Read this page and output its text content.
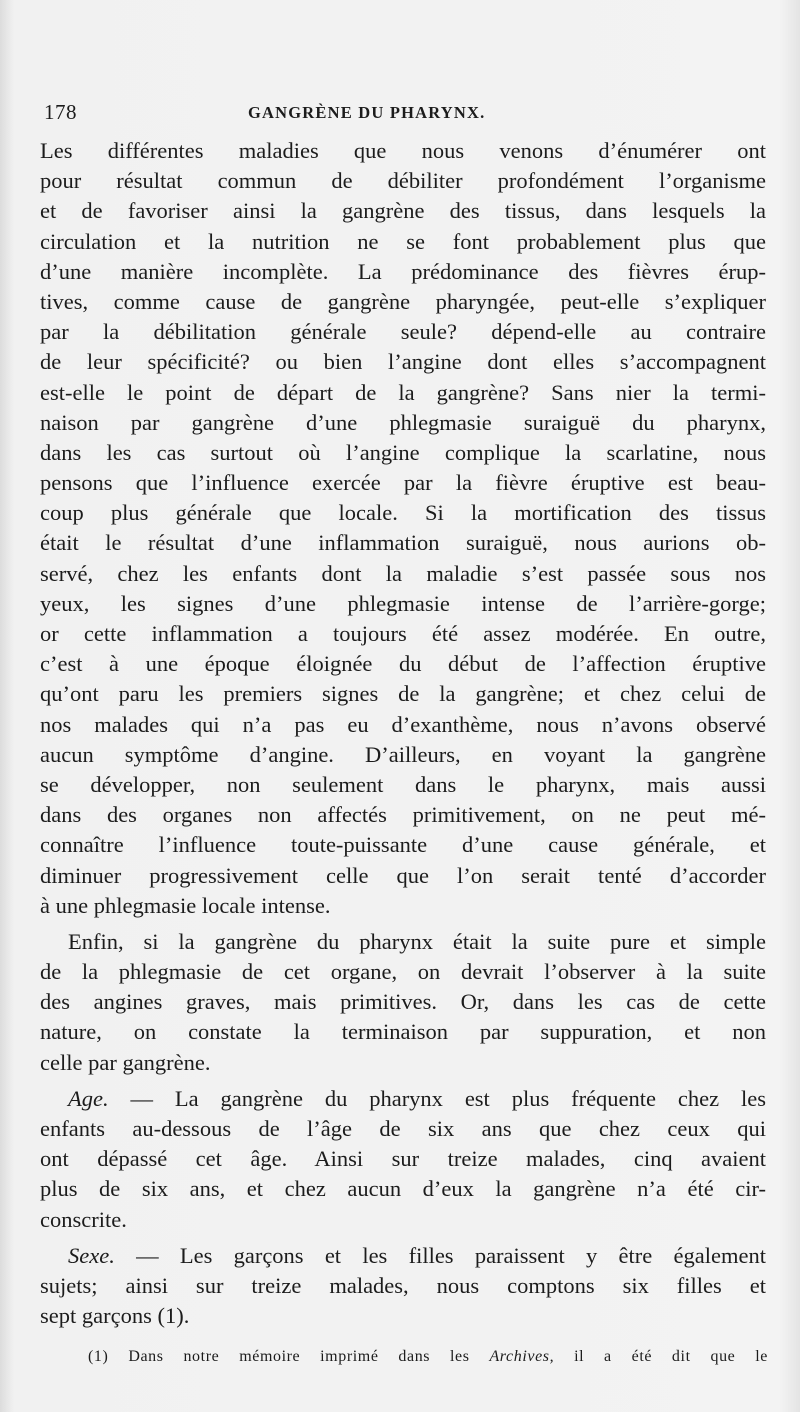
178	GANGRÈNE DU PHARYNX.
Les différentes maladies que nous venons d’énumérer ont
pour résultat commun de débiliter profondément l’organisme
et de favoriser ainsi la gangrène des tissus, dans lesquels la
circulation et la nutrition ne se font probablement plus que
d’une manière incomplète. La prédominance des fièvres érup-
tives, comme cause de gangrène pharyngée, peut-elle s’expliquer
par la débilitation générale seule? dépend-elle au contraire
de leur spécificité? ou bien l’angine dont elles s’accompagnent
est-elle le point de départ de la gangrène? Sans nier la termi-
naison par gangrène d’une phlegmasie suraiguë du pharynx,
dans les cas surtout où l’angine complique la scarlatine, nous
pensons que l’influence exercée par la fièvre éruptive est beau-
coup plus générale que locale. Si la mortification des tissus
était le résultat d’une inflammation suraiguë, nous aurions ob-
servé, chez les enfants dont la maladie s’est passée sous nos
yeux, les signes d’une phlegmasie intense de l’arrière-gorge;
or cette inflammation a toujours été assez modérée. En outre,
c’est à une époque éloignée du début de l’affection éruptive
qu’ont paru les premiers signes de la gangrène; et chez celui de
nos malades qui n’a pas eu d’exanthème, nous n’avons observé
aucun symptôme d’angine. D’ailleurs, en voyant la gangrène
se développer, non seulement dans le pharynx, mais aussi
dans des organes non affectés primitivement, on ne peut mé-
connaître l’influence toute-puissante d’une cause générale, et
diminuer progressivement celle que l’on serait tenté d’accorder
à une phlegmasie locale intense.
Enfin, si la gangrène du pharynx était la suite pure et simple
de la phlegmasie de cet organe, on devrait l’observer à la suite
des angines graves, mais primitives. Or, dans les cas de cette
nature, on constate la terminaison par suppuration, et non
celle par gangrène.
Age. — La gangrène du pharynx est plus fréquente chez les
enfants au-dessous de l’âge de six ans que chez ceux qui
ont dépassé cet âge. Ainsi sur treize malades, cinq avaient
plus de six ans, et chez aucun d’eux la gangrène n’a été cir-
conscrite.
Sexe. — Les garçons et les filles paraissent y être également
sujets; ainsi sur treize malades, nous comptons six filles et
sept garçons (1).
(1) Dans notre mémoire imprimé dans les Archives, il a été dit que le
